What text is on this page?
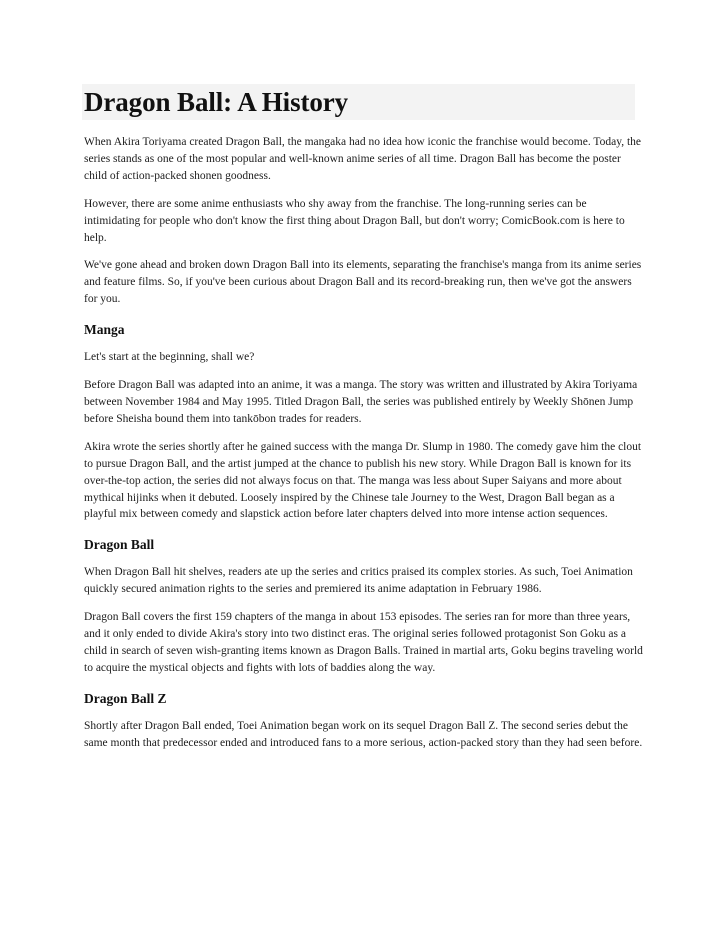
Dragon Ball: A History

When Akira Toriyama created Dragon Ball, the mangaka had no idea how iconic the franchise would become. Today, the series stands as one of the most popular and well-known anime series of all time. Dragon Ball has become the poster child of action-packed shonen goodness.

However, there are some anime enthusiasts who shy away from the franchise. The long-running series can be intimidating for people who don't know the first thing about Dragon Ball, but don't worry; ComicBook.com is here to help.

We've gone ahead and broken down Dragon Ball into its elements, separating the franchise's manga from its anime series and feature films. So, if you've been curious about Dragon Ball and its record-breaking run, then we've got the answers for you.

Manga

Let's start at the beginning, shall we?

Before Dragon Ball was adapted into an anime, it was a manga. The story was written and illustrated by Akira Toriyama between November 1984 and May 1995. Titled Dragon Ball, the series was published entirely by Weekly Shōnen Jump before Sheisha bound them into tankōbon trades for readers.

Akira wrote the series shortly after he gained success with the manga Dr. Slump in 1980. The comedy gave him the clout to pursue Dragon Ball, and the artist jumped at the chance to publish his new story. While Dragon Ball is known for its over-the-top action, the series did not always focus on that. The manga was less about Super Saiyans and more about mythical hijinks when it debuted. Loosely inspired by the Chinese tale Journey to the West, Dragon Ball began as a playful mix between comedy and slapstick action before later chapters delved into more intense action sequences.

Dragon Ball

When Dragon Ball hit shelves, readers ate up the series and critics praised its complex stories. As such, Toei Animation quickly secured animation rights to the series and premiered its anime adaptation in February 1986.

Dragon Ball covers the first 159 chapters of the manga in about 153 episodes. The series ran for more than three years, and it only ended to divide Akira's story into two distinct eras. The original series followed protagonist Son Goku as a child in search of seven wish-granting items known as Dragon Balls. Trained in martial arts, Goku begins traveling world to acquire the mystical objects and fights with lots of baddies along the way.

Dragon Ball Z

Shortly after Dragon Ball ended, Toei Animation began work on its sequel Dragon Ball Z. The second series debut the same month that predecessor ended and introduced fans to a more serious, action-packed story than they had seen before.
